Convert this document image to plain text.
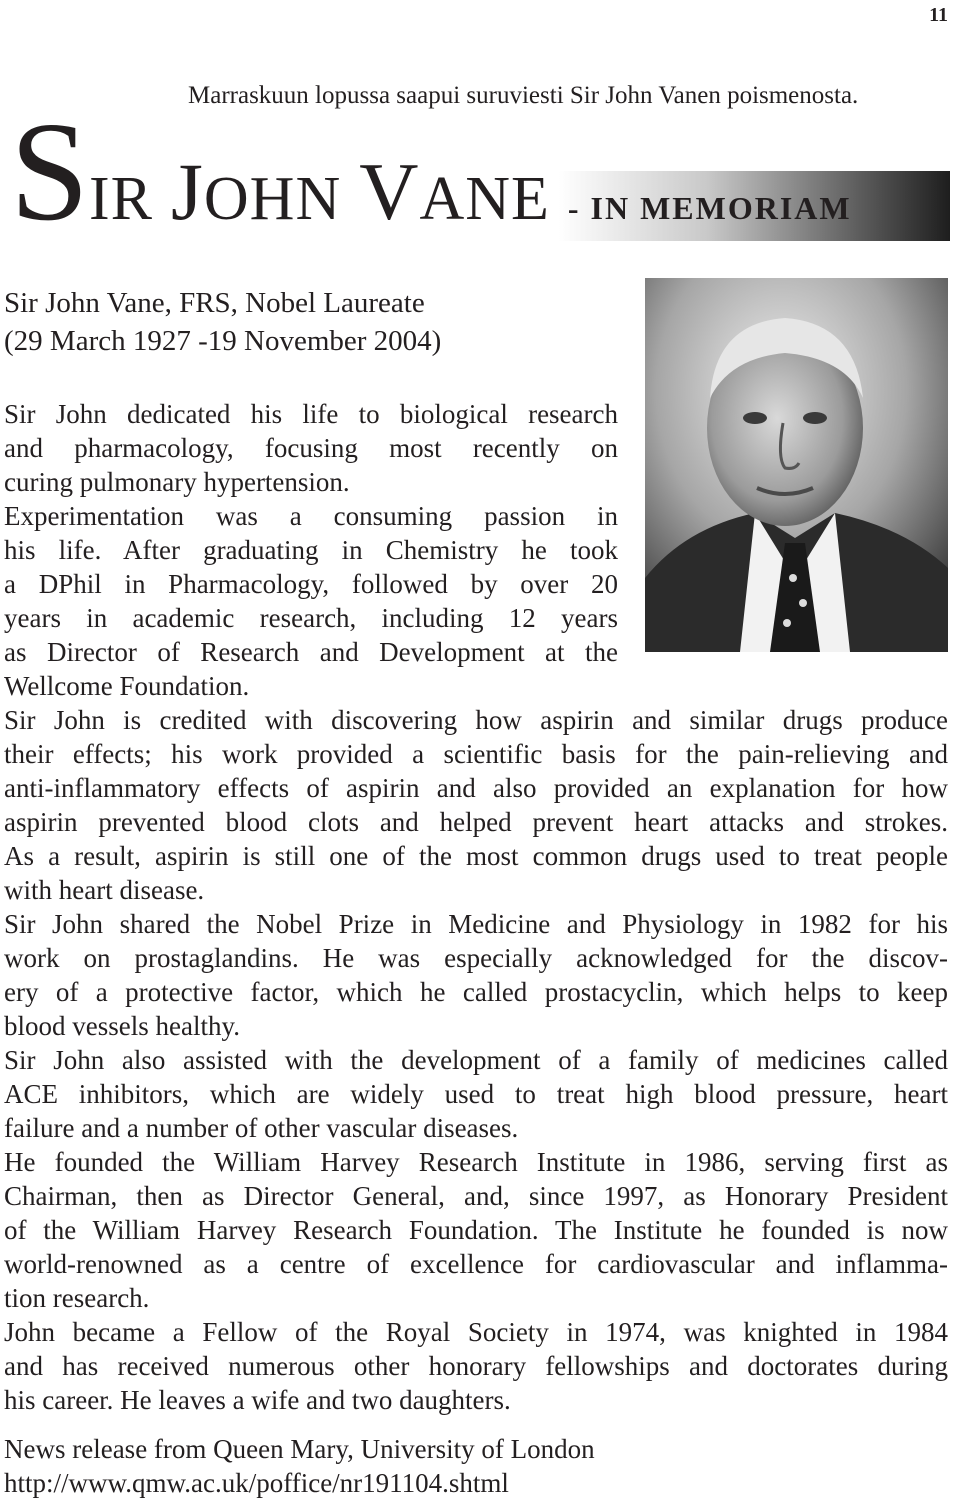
11
Marraskuun lopussa saapui suruviesti Sir John Vanen poismenosta.
SIR JOHN VANE - IN MEMORIAM
Sir John Vane, FRS, Nobel Laureate
(29 March 1927 -19 November 2004)
Sir John dedicated his life to biological research
and pharmacology, focusing most recently on
curing pulmonary hypertension.
Experimentation was a consuming passion in
his life. After graduating in Chemistry he took
a DPhil in Pharmacology, followed by over 20
years in academic research, including 12 years
as Director of Research and Development at the
Wellcome Foundation.
Sir John is credited with discovering how aspirin and similar drugs produce
their effects; his work provided a scientific basis for the pain-relieving and
anti-inflammatory effects of aspirin and also provided an explanation for how
aspirin prevented blood clots and helped prevent heart attacks and strokes.
As a result, aspirin is still one of the most common drugs used to treat people
with heart disease.
Sir John shared the Nobel Prize in Medicine and Physiology in 1982 for his
work on prostaglandins. He was especially acknowledged for the discov-
ery of a protective factor, which he called prostacyclin, which helps to keep
blood vessels healthy.
Sir John also assisted with the development of a family of medicines called
ACE inhibitors, which are widely used to treat high blood pressure, heart
failure and a number of other vascular diseases.
He founded the William Harvey Research Institute in 1986, serving first as
Chairman, then as Director General, and, since 1997, as Honorary President
of the William Harvey Research Foundation. The Institute he founded is now
world-renowned as a centre of excellence for cardiovascular and inflamma-
tion research.
John became a Fellow of the Royal Society in 1974, was knighted in 1984
and has received numerous other honorary fellowships and doctorates during
his career. He leaves a wife and two daughters.
News release from Queen Mary, University of London
http://www.qmw.ac.uk/poffice/nr191104.shtml
